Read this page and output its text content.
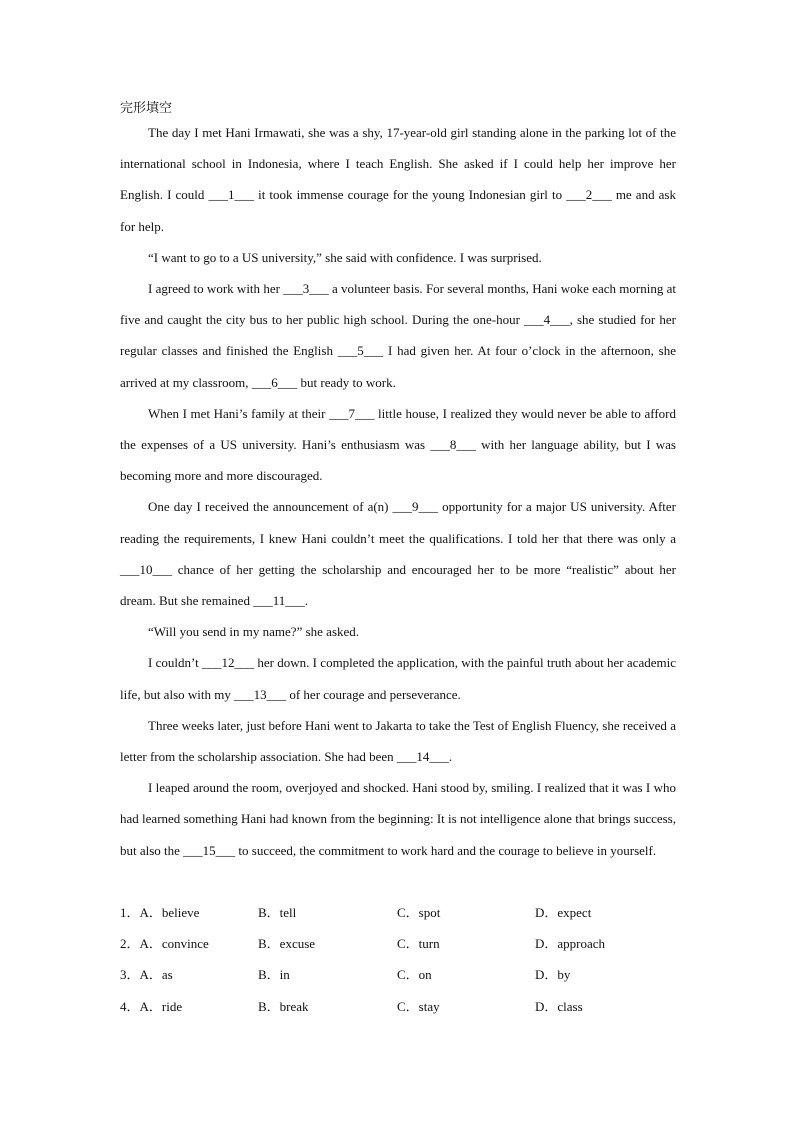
完形填空

The day I met Hani Irmawati, she was a shy, 17-year-old girl standing alone in the parking lot of the international school in Indonesia, where I teach English. She asked if I could help her improve her English. I could ___1___ it took immense courage for the young Indonesian girl to ___2___ me and ask for help.

“I want to go to a US university,” she said with confidence. I was surprised.

I agreed to work with her ___3___ a volunteer basis. For several months, Hani woke each morning at five and caught the city bus to her public high school. During the one-hour ___4___, she studied for her regular classes and finished the English ___5___ I had given her. At four o’clock in the afternoon, she arrived at my classroom, ___6___ but ready to work.

When I met Hani’s family at their ___7___ little house, I realized they would never be able to afford the expenses of a US university. Hani’s enthusiasm was ___8___ with her language ability, but I was becoming more and more discouraged.

One day I received the announcement of a(n) ___9___ opportunity for a major US university. After reading the requirements, I knew Hani couldn’t meet the qualifications. I told her that there was only a ___10___ chance of her getting the scholarship and encouraged her to be more “realistic” about her dream. But she remained ___11___.

“Will you send in my name?” she asked.

I couldn’t ___12___ her down. I completed the application, with the painful truth about her academic life, but also with my ___13___ of her courage and perseverance.

Three weeks later, just before Hani went to Jakarta to take the Test of English Fluency, she received a letter from the scholarship association. She had been ___14___.

I leaped around the room, overjoyed and shocked. Hani stood by, smiling. I realized that it was I who had learned something Hani had known from the beginning: It is not intelligence alone that brings success, but also the ___15___ to succeed, the commitment to work hard and the courage to believe in yourself.

1．A．believe	B．tell	C．spot	D．expect
2．A．convince	B．excuse	C．turn	D．approach
3．A．as	B．in	C．on	D．by
4．A．ride	B．break	C．stay	D．class
